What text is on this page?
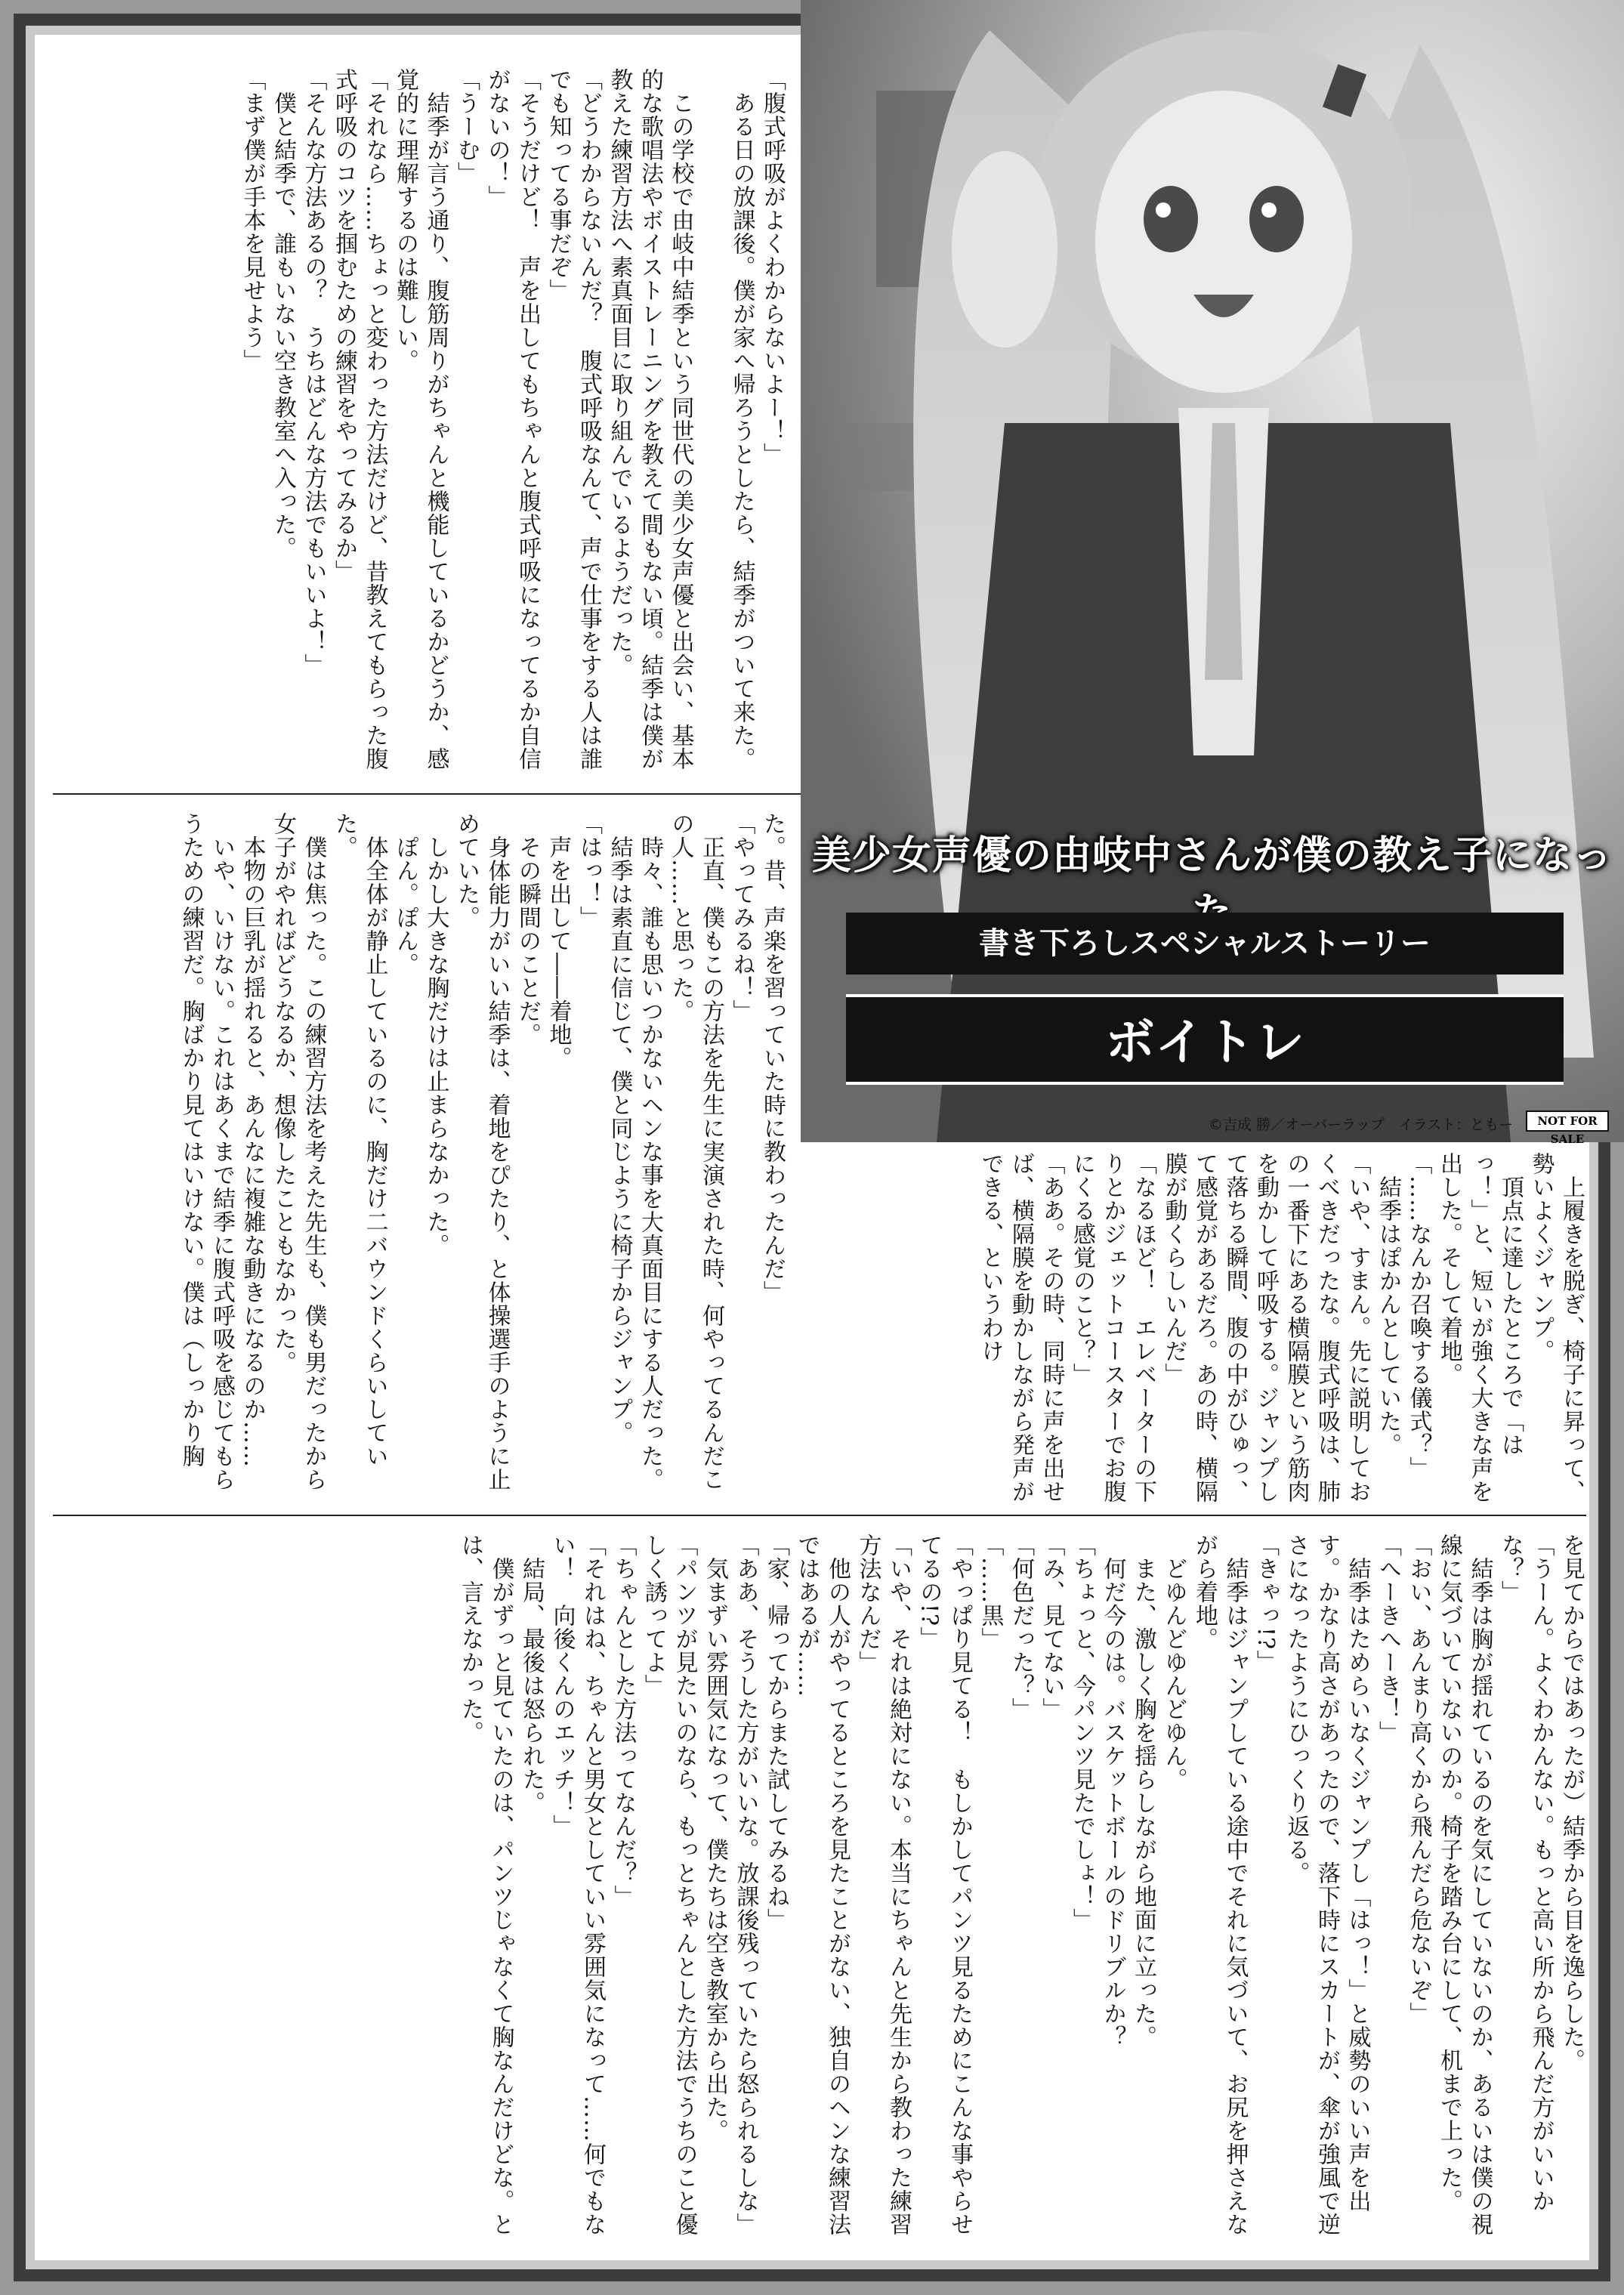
「腹式呼吸がよくわからないよー！」
　ある日の放課後。僕が家へ帰ろうとしたら、結季がついて来た。

　この学校で由岐中結季という同世代の美少女声優と出会い、基本的な歌唱法やボイストレーニングを教えて間もない頃。結季は僕が教えた練習方法へ素真面目に取り組んでいるようだった。
「どうわからないんだ？　腹式呼吸なんて、声で仕事をする人は誰でも知ってる事だぞ」
「そうだけど！　声を出してもちゃんと腹式呼吸になってるか自信がないの！」
「うーむ」
　結季が言う通り、腹筋周りがちゃんと機能しているかどうか、感覚的に理解するのは難しい。
「それなら……ちょっと変わった方法だけど、昔教えてもらった腹式呼吸のコツを掴むための練習をやってみるか」
「そんな方法あるの？　うちはどんな方法でもいいよ！」
　僕と結季で、誰もいない空き教室へ入った。
「まず僕が手本を見せよう」
た。昔、声楽を習っていた時に教わったんだ」
「やってみるね！」
　正直、僕もこの方法を先生に実演された時、何やってるんだこの人……と思った。
　時々、誰も思いつかないヘンな事を大真面目にする人だった。
　結季は素直に信じて、僕と同じように椅子からジャンプ。
「はっ！」
　声を出して――着地。
　その瞬間のことだ。
　身体能力がいい結季は、着地をぴたり、と体操選手のように止めていた。
　しかし大きな胸だけは止まらなかった。
　ぽん。ぽん。
　体全体が静止しているのに、胸だけ二バウンドくらいしていた。
　僕は焦った。この練習方法を考えた先生も、僕も男だったから女子がやればどうなるか、想像したこともなかった。
　本物の巨乳が揺れると、あんなに複雑な動きになるのか……
　いや、いけない。これはあくまで結季に腹式呼吸を感じてもらうための練習だ。胸ばかり見てはいけない。僕は（しっかり胸	美少女声優の由岐中さんが僕の教え子になっ
書き下ろしスペシャルストーリー
ボイトレ
©吉成 勝／オーバーラップ　イラスト：ともー	NOT FOR SALE
　上履きを脱ぎ、椅子に昇って、勢いよくジャンプ。
　頂点に達したところで「はっ！」と、短いが強く大きな声を出した。そして着地。
「……なんか召喚する儀式？」
　結季はぽかんとしていた。
「いや、すまん。先に説明しておくべきだったな。腹式呼吸は、肺の一番下にある横隔膜という筋肉を動かして呼吸する。ジャンプして落ちる瞬間、腹の中がひゅっ、て感覚があるだろ。あの時、横隔膜が動くらしいんだ」
「なるほど！　エレベーターの下りとかジェットコースターでお腹にくる感覚のこと？」
「ああ。その時、同時に声を出せば、横隔膜を動かしながら発声ができる、というわけ
を見てからではあったが）結季から目を逸らした。
「うーん。よくわかんない。もっと高い所から飛んだ方がいいかな？」
　結季は胸が揺れているのを気にしていないのか、あるいは僕の視線に気づいていないのか。椅子を踏み台にして、机まで上った。
「おい、あんまり高くから飛んだら危ないぞ」
「へーきへーき！」
　結季はためらいなくジャンプし「はっ！」と威勢のいい声を出す。かなり高さがあったので、落下時にスカートが、傘が強風で逆さになったようにひっくり返る。
「きゃっ!?」
　結季はジャンプしている途中でそれに気づいて、お尻を押さえながら着地。
　どゆんどゆんどゆん。
　また、激しく胸を揺らしながら地面に立った。
　何だ今のは。バスケットボールのドリブルか？
「ちょっと、今パンツ見たでしょ！」
「み、見てない」
「何色だった？」
「……黒」
「やっぱり見てる！　もしかしてパンツ見るためにこんな事やらせてるの!?」
「いや、それは絶対にない。本当にちゃんと先生から教わった練習方法なんだ」
　他の人がやってるところを見たことがない、独自のヘンな練習法ではあるが……
「家、帰ってからまた試してみるね」
「ああ、そうした方がいいな。放課後残っていたら怒られるしな」
　気まずい雰囲気になって、僕たちは空き教室から出た。
「パンツが見たいのなら、もっとちゃんとした方法でうちのこと優しく誘ってよ」
「ちゃんとした方法ってなんだ？」
「それはね、ちゃんと男女としていい雰囲気になって……何でもない！　向後くんのエッチ！」
　結局、最後は怒られた。
　僕がずっと見ていたのは、パンツじゃなくて胸なんだけどな。とは、言えなかった。
